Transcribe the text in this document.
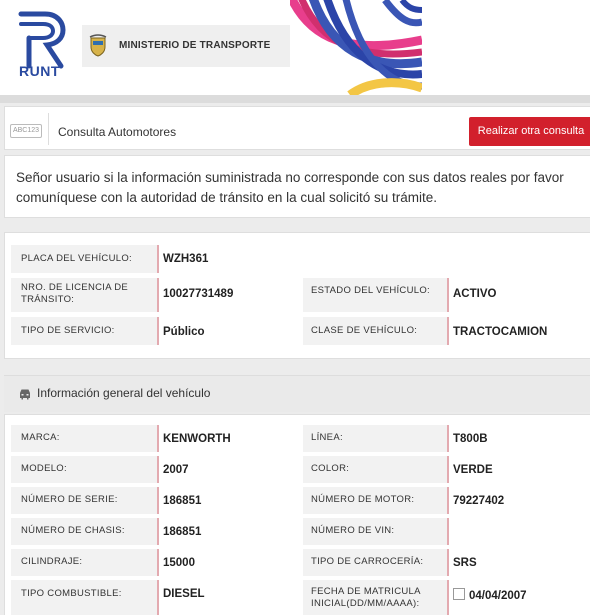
RUNT
MINISTERIO DE TRANSPORTE
ABC123 Consulta Automotores	Realizar otra consulta
Señor usuario si la información suministrada no corresponde con sus datos reales por favor comuníquese con la autoridad de tránsito en la cual solicitó su trámite.
PLACA DEL VEHÍCULO:	WZH361
NRO. DE LICENCIA DE TRÁNSITO:	10027731489	ESTADO DEL VEHÍCULO: ACTIVO
TIPO DE SERVICIO:	Público	CLASE DE VEHÍCULO:	TRACTOCAMION
Información general del vehículo
MARCA:	KENWORTH	LÍNEA:	T800B
MODELO:	2007	COLOR:	VERDE
NÚMERO DE SERIE:	186851	NÚMERO DE MOTOR:	79227402
NÚMERO DE CHASIS:	186851	NÚMERO DE VIN:
CILINDRAJE:	15000	TIPO DE CARROCERÍA:	SRS
TIPO COMBUSTIBLE:	DIESEL	FECHA DE MATRICULA INICIAL(DD/MM/AAAA):
04/04/2007
